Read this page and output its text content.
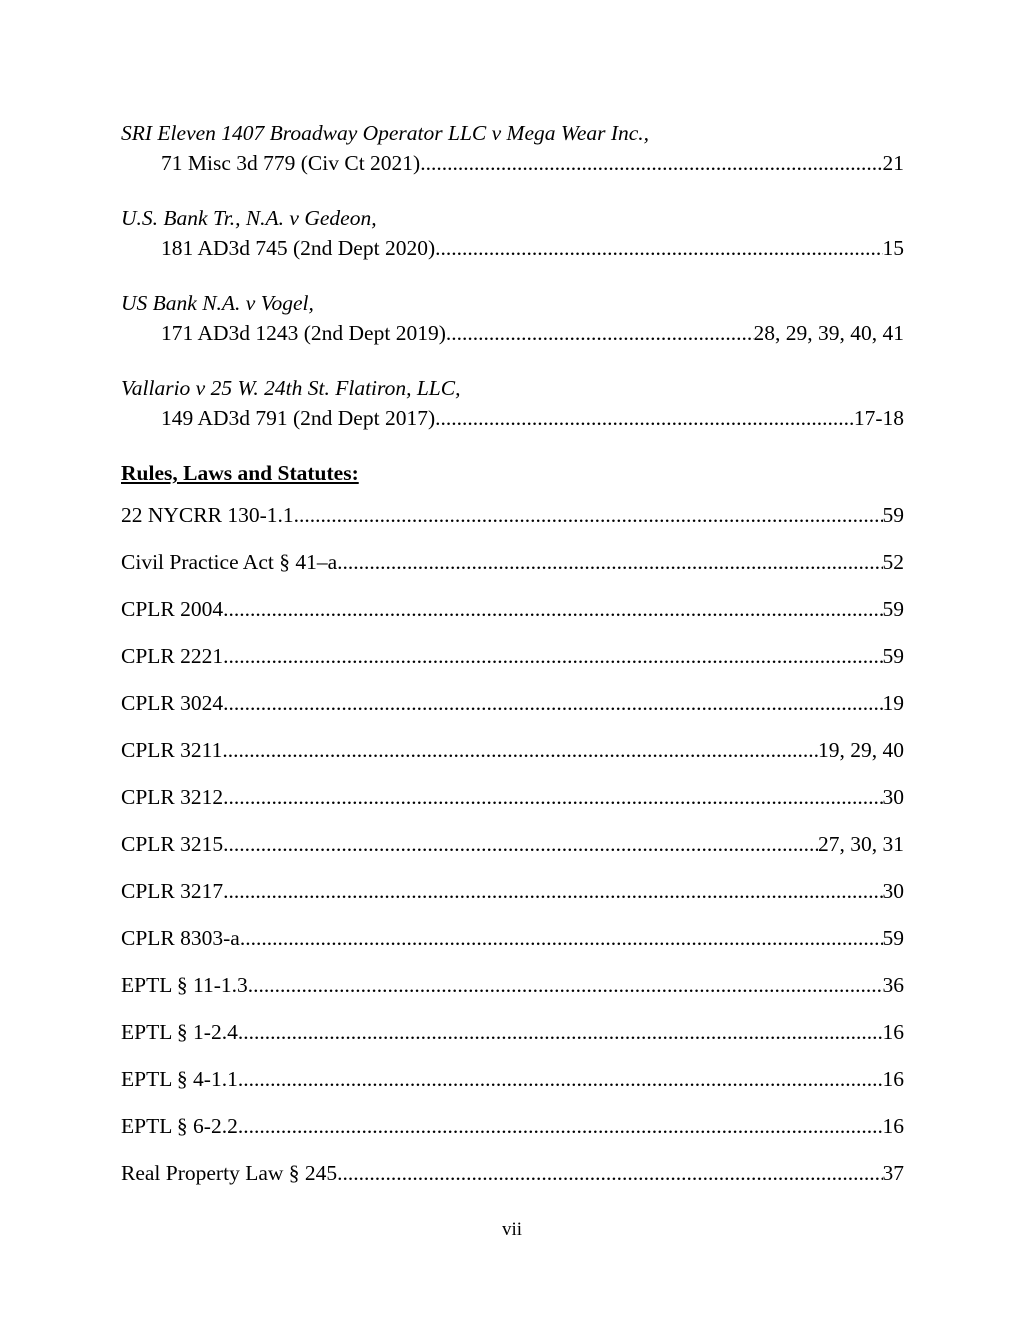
SRI Eleven 1407 Broadway Operator LLC v Mega Wear Inc.,
71 Misc 3d 779 (Civ Ct 2021) .....	21
U.S. Bank Tr., N.A. v Gedeon,
181 AD3d 745 (2nd Dept 2020) .....	15
US Bank N.A. v Vogel,
171 AD3d 1243 (2nd Dept 2019) .....	28, 29, 39, 40, 41
Vallario v 25 W. 24th St. Flatiron, LLC,
149 AD3d 791 (2nd Dept 2017) .....	17-18
Rules, Laws and Statutes:
22 NYCRR 130-1.1 .....	59
Civil Practice Act § 41–a .....	52
CPLR 2004 .....	59
CPLR 2221 .....	59
CPLR 3024 .....	19
CPLR 3211 .....	19, 29, 40
CPLR 3212 .....	30
CPLR 3215 .....	27, 30, 31
CPLR 3217 .....	30
CPLR 8303-a .....	59
EPTL § 11-1.3 .....	36
EPTL § 1-2.4 .....	16
EPTL § 4-1.1 .....	16
EPTL § 6-2.2 .....	16
Real Property Law § 245 .....	37
vii
